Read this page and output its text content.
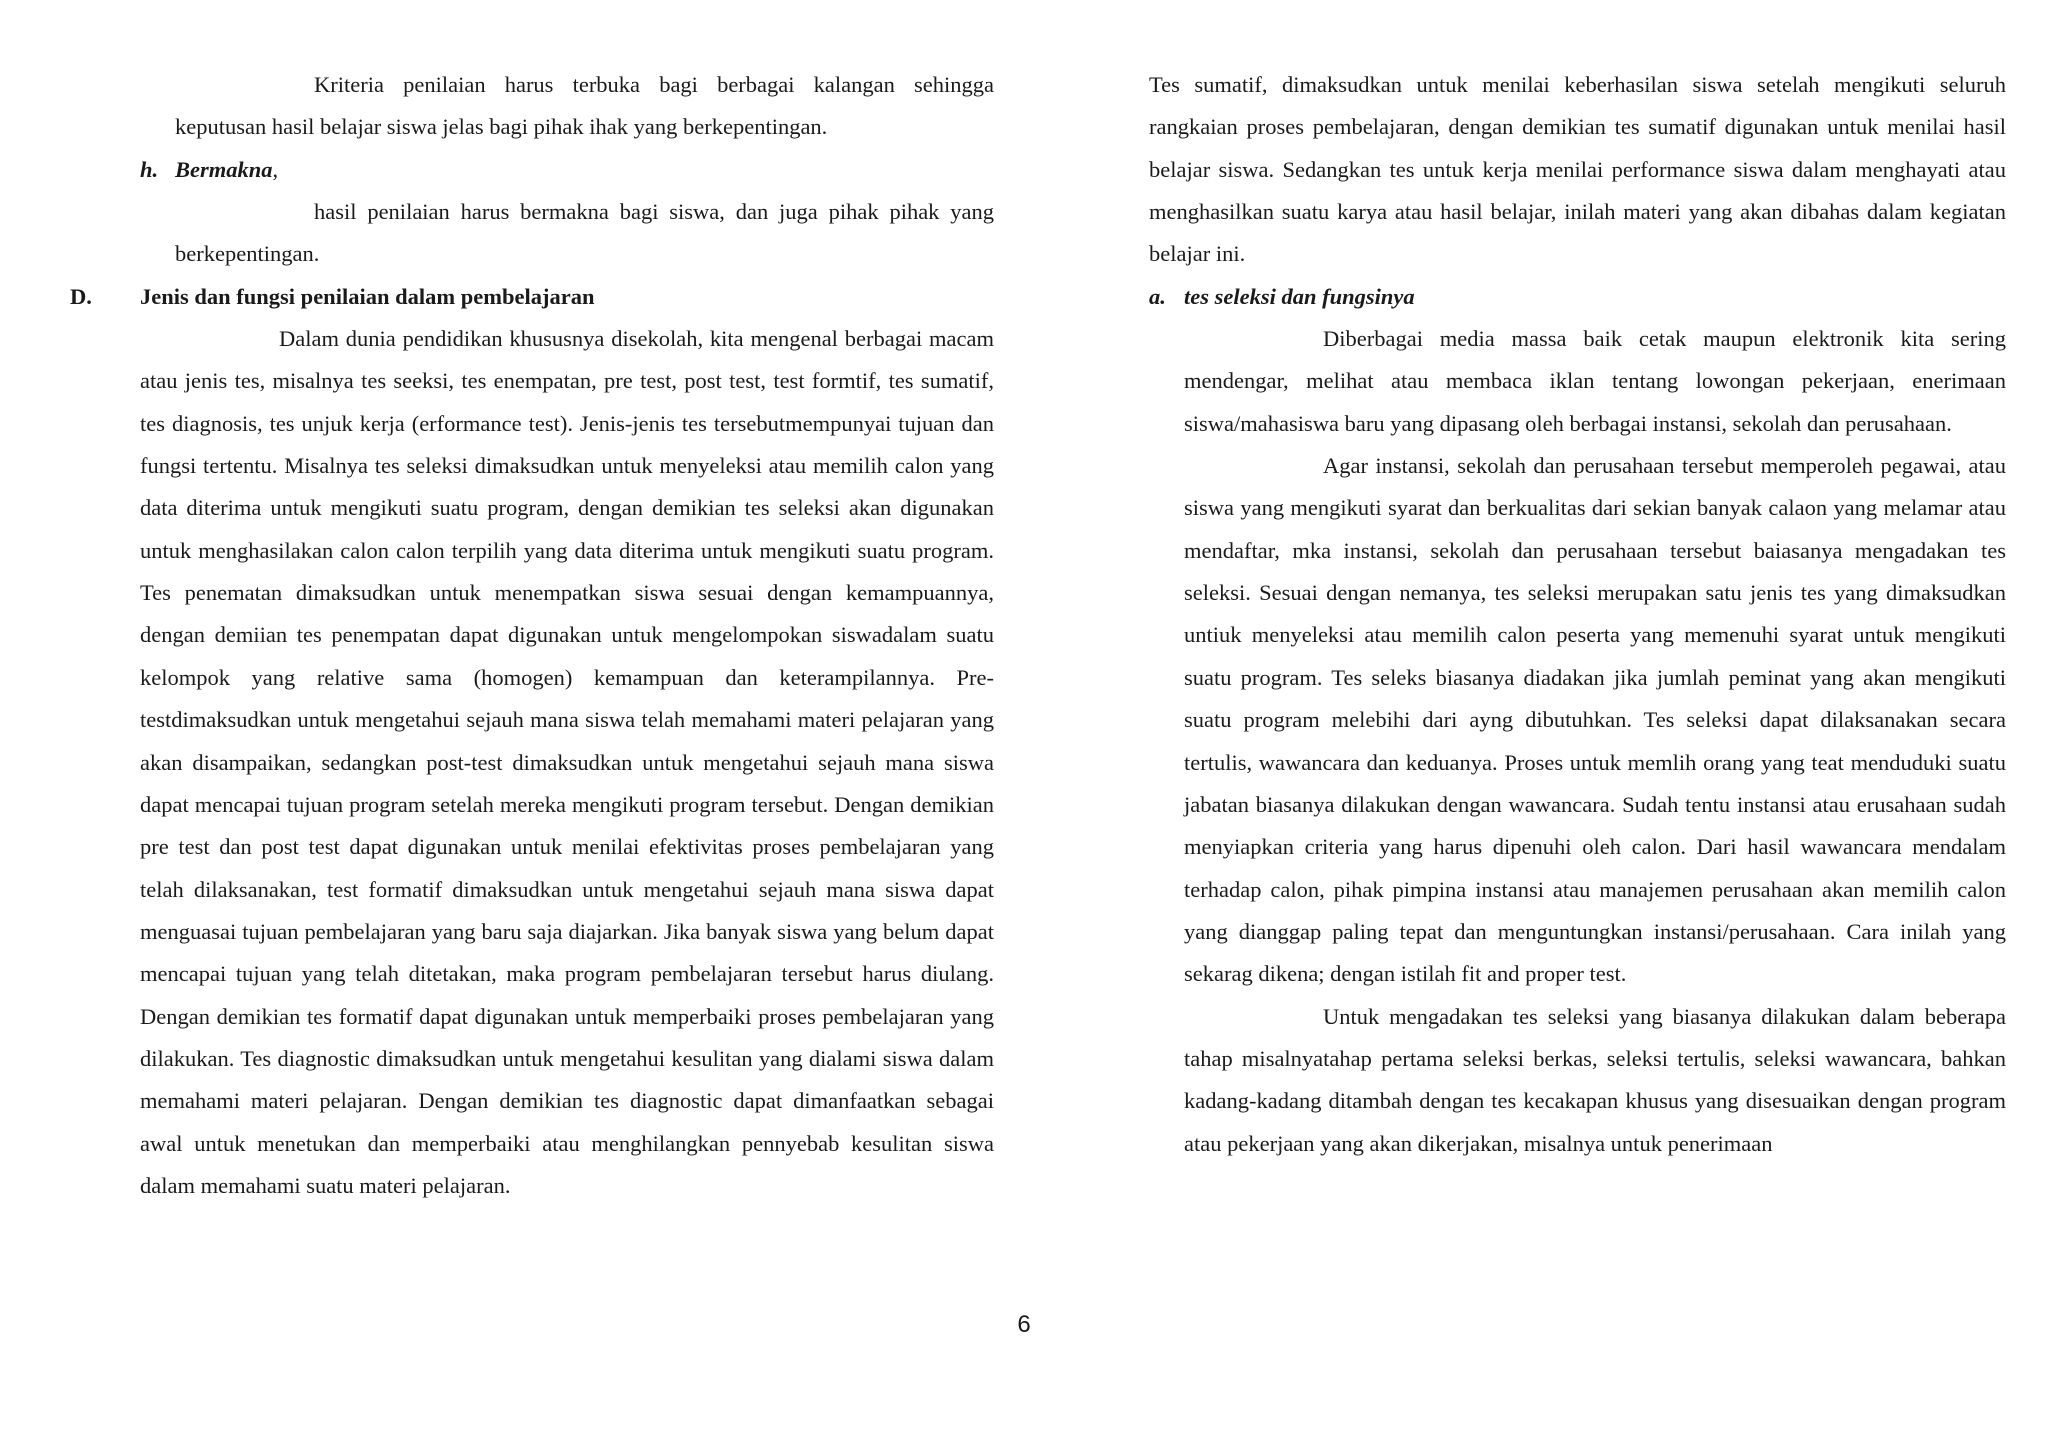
Kriteria penilaian harus terbuka bagi berbagai kalangan sehingga keputusan hasil belajar siswa jelas bagi pihak ihak yang berkepentingan.

h. Bermakna,

hasil penilaian harus bermakna bagi siswa, dan juga pihak pihak yang berkepentingan.

D. Jenis dan fungsi penilaian dalam pembelajaran

Dalam dunia pendidikan khususnya disekolah, kita mengenal berbagai macam atau jenis tes, misalnya tes seeksi, tes enempatan, pre test, post test, test formtif, tes sumatif, tes diagnosis, tes unjuk kerja (erformance test). Jenis-jenis tes tersebutmempunyai tujuan dan fungsi tertentu. Misalnya tes seleksi dimaksudkan untuk menyeleksi atau memilih calon yang data diterima untuk mengikuti suatu program, dengan demikian tes seleksi akan digunakan untuk menghasilakan calon calon terpilih yang data diterima untuk mengikuti suatu program. Tes penematan dimaksudkan untuk menempatkan siswa sesuai dengan kemampuannya, dengan demiian tes penempatan dapat digunakan untuk mengelompokan siswadalam suatu kelompok yang relative sama (homogen) kemampuan dan keterampilannya. Pre-testdimaksudkan untuk mengetahui sejauh mana siswa telah memahami materi pelajaran yang akan disampaikan, sedangkan post-test dimaksudkan untuk mengetahui sejauh mana siswa dapat mencapai tujuan program setelah mereka mengikuti program tersebut. Dengan demikian pre test dan post test dapat digunakan untuk menilai efektivitas proses pembelajaran yang telah dilaksanakan, test formatif dimaksudkan untuk mengetahui sejauh mana siswa dapat menguasai tujuan pembelajaran yang baru saja diajarkan. Jika banyak siswa yang belum dapat mencapai tujuan yang telah ditetakan, maka program pembelajaran tersebut harus diulang. Dengan demikian tes formatif dapat digunakan untuk memperbaiki proses pembelajaran yang dilakukan. Tes diagnostic dimaksudkan untuk mengetahui kesulitan yang dialami siswa dalam memahami materi pelajaran. Dengan demikian tes diagnostic dapat dimanfaatkan sebagai awal untuk menetukan dan memperbaiki atau menghilangkan pennyebab kesulitan siswa dalam memahami suatu materi pelajaran.

Tes sumatif, dimaksudkan untuk menilai keberhasilan siswa setelah mengikuti seluruh rangkaian proses pembelajaran, dengan demikian tes sumatif digunakan untuk menilai hasil belajar siswa. Sedangkan tes untuk kerja menilai performance siswa dalam menghayati atau menghasilkan suatu karya atau hasil belajar, inilah materi yang akan dibahas dalam kegiatan belajar ini.

a. tes seleksi dan fungsinya

Diberbagai media massa baik cetak maupun elektronik kita sering mendengar, melihat atau membaca iklan tentang lowongan pekerjaan, enerimaan siswa/mahasiswa baru yang dipasang oleh berbagai instansi, sekolah dan perusahaan.

Agar instansi, sekolah dan perusahaan tersebut memperoleh pegawai, atau siswa yang mengikuti syarat dan berkualitas dari sekian banyak calaon yang melamar atau mendaftar, mka instansi, sekolah dan perusahaan tersebut baiasanya mengadakan tes seleksi. Sesuai dengan nemanya, tes seleksi merupakan satu jenis tes yang dimaksudkan untiuk menyeleksi atau memilih calon peserta yang memenuhi syarat untuk mengikuti suatu program. Tes seleks biasanya diadakan jika jumlah peminat yang akan mengikuti suatu program melebihi dari ayng dibutuhkan. Tes seleksi dapat dilaksanakan secara tertulis, wawancara dan keduanya. Proses untuk memlih orang yang teat menduduki suatu jabatan biasanya dilakukan dengan wawancara. Sudah tentu instansi atau erusahaan sudah menyiapkan criteria yang harus dipenuhi oleh calon. Dari hasil wawancara mendalam terhadap calon, pihak pimpina instansi atau manajemen perusahaan akan memilih calon yang dianggap paling tepat dan menguntungkan instansi/perusahaan. Cara inilah yang sekarag dikena; dengan istilah fit and proper test.

Untuk mengadakan tes seleksi yang biasanya dilakukan dalam beberapa tahap misalnyatahap pertama seleksi berkas, seleksi tertulis, seleksi wawancara, bahkan kadang-kadang ditambah dengan tes kecakapan khusus yang disesuaikan dengan program atau pekerjaan yang akan dikerjakan, misalnya untuk penerimaan

6
